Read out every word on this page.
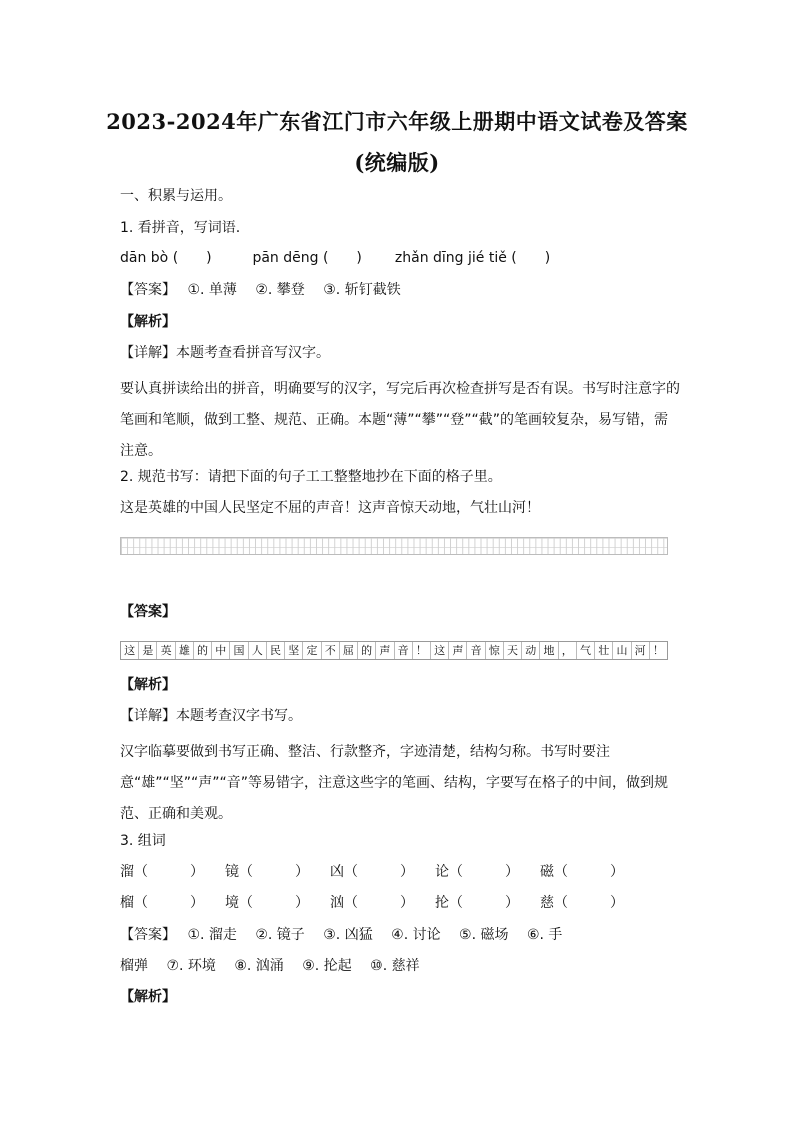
2023-2024年广东省江门市六年级上册期中语文试卷及答案
(统编版)
一、积累与运用。
1. 看拼音，写词语.
dān bò (　　)	pān dēng (　　) zhǎn dīng jié tiě (　　)
【答案】　 ①. 单薄　 ②. 攀登　 ③. 斩钉截铁
【解析】
【详解】本题考查看拼音写汉字。
要认真拼读给出的拼音，明确要写的汉字，写完后再次检查拼写是否有误。书写时注意字的笔画和笔顺，做到工整、规范、正确。本题“薄”“攀”“登”“截”的笔画较复杂，易写错，需注意。
2. 规范书写：请把下面的句子工工整整地抄在下面的格子里。
这是英雄的中国人民坚定不屈的声音！这声音惊天动地，气壮山河！
【答案】
这 是 英 雄 的 中 国 人 民 坚 定 不 屈 的 声 音 ！ 这 声 音 惊 天 动 地 ， 气 壮 山 河 ！
【解析】
【详解】本题考查汉字书写。
汉字临摹要做到书写正确、整洁、行款整齐，字迹清楚，结构匀称。书写时要注意“雄”“坚”“声”“音”等易错字，注意这些字的笔画、结构，字要写在格子的中间，做到规范、正确和美观。
3. 组词
溜（　　　） 镜（　　　） 凶（　　　） 论（　　　） 磁（　　　）
榴（　　　） 境（　　　） 汹（　　　） 抡（　　　） 慈（　　　）
【答案】　 ①. 溜走　 ②. 镜子　 ③. 凶猛　 ④. 讨论　 ⑤. 磁场　 ⑥. 手
榴弹　 ⑦. 环境　 ⑧. 汹涌　 ⑨. 抡起　 ⑩. 慈祥
【解析】
